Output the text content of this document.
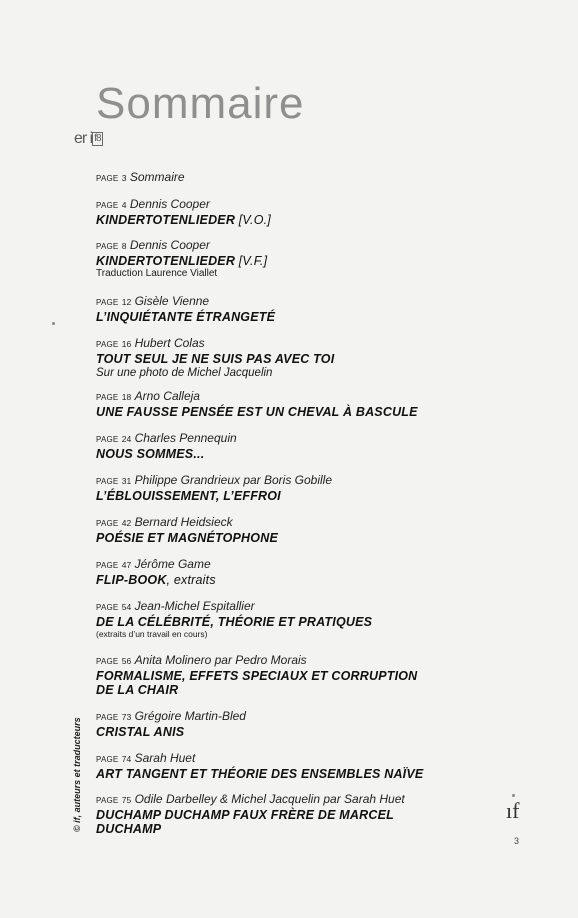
Sommaire
er i f8
PAGE 3 Sommaire
PAGE 4 Dennis Cooper
KINDERTOTENLIEDER [V.O.]
PAGE 8 Dennis Cooper
KINDERTOTENLIEDER [V.F.]
Traduction Laurence Viallet
PAGE 12 Gisèle Vienne
L’INQUIÉTANTE ÉTRANGETÉ
PAGE 16 Hubert Colas
TOUT SEUL JE NE SUIS PAS AVEC TOI
Sur une photo de Michel Jacquelin
PAGE 18 Arno Calleja
UNE FAUSSE PENSÉE EST UN CHEVAL À BASCULE
PAGE 24 Charles Pennequin
NOUS SOMMES...
PAGE 31 Philippe Grandrieux par Boris Gobille
L’ÉBLOUISSEMENT, L’EFFROI
PAGE 42 Bernard Heidsieck
POÉSIE ET MAGNÉTOPHONE
PAGE 47 Jérôme Game
FLIP-BOOK, extraits
PAGE 54 Jean-Michel Espitallier
DE LA CÉLÉBRITÉ, THÉORIE ET PRATIQUES
(extraits d’un travail en cours)
PAGE 56 Anita Molinero par Pedro Morais
FORMALISME, EFFETS SPECIAUX ET CORRUPTION
DE LA CHAIR
PAGE 73 Grégoire Martin-Bled
CRISTAL ANIS
PAGE 74 Sarah Huet
ART TANGENT ET THÉORIE DES ENSEMBLES NAÏVE
PAGE 75 Odile Darbelley & Michel Jacquelin par Sarah Huet
DUCHAMP DUCHAMP FAUX FRÈRE DE MARCEL
DUCHAMP
© if, auteurs et traducteurs	ıf
3
